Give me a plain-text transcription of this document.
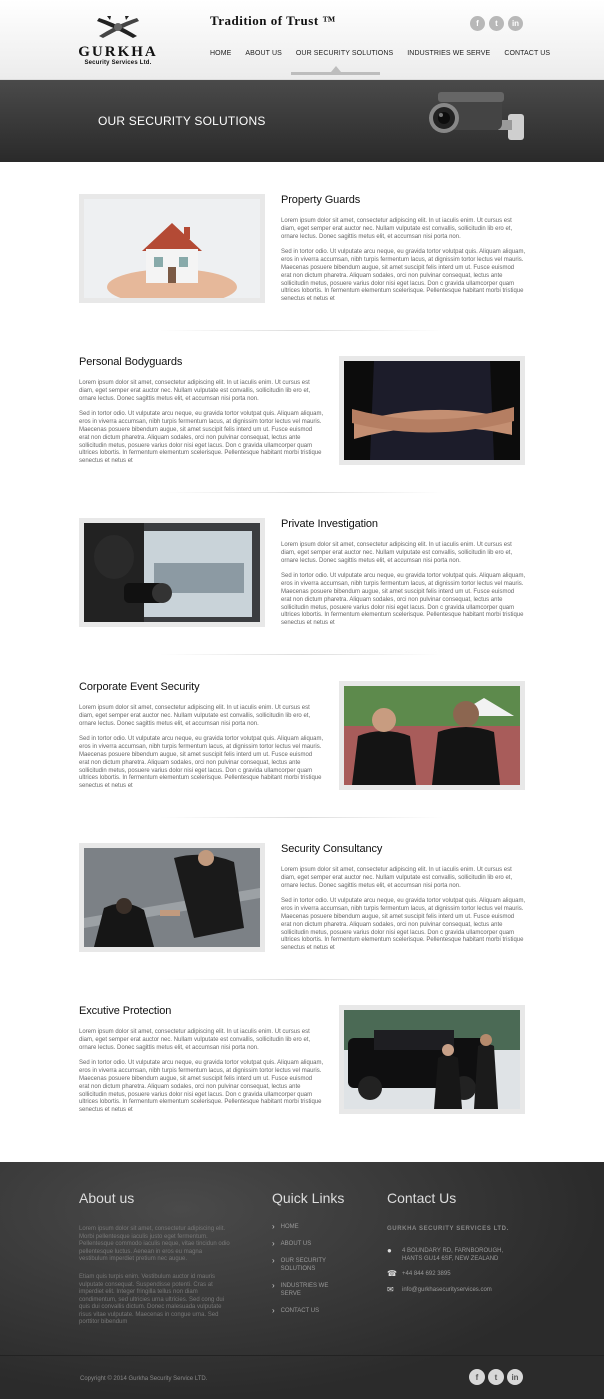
GURKHA
Security Services Ltd.
Tradition of Trust ™	f	t	in
HOME ABOUT US OUR SECURITY SOLUTIONS INDUSTRIES WE SERVE CONTACT US
OUR SECURITY SOLUTIONS
Property Guards

Lorem ipsum dolor sit amet, consectetur adipiscing elit. In ut iaculis enim. Ut cursus est diam, eget semper erat auctor nec. Nullam vulputate est convallis, sollicitudin lib ero et, ornare lectus. Donec sagittis metus elit, et accumsan nisi porta non.

Sed in tortor odio. Ut vulputate arcu neque, eu gravida tortor volutpat quis. Aliquam aliquam, eros in viverra accumsan, nibh turpis fermentum lacus, at dignissim tortor lectus vel mauris. Maecenas posuere bibendum augue, sit amet suscipit felis interd um ut. Fusce euismod erat non dictum pharetra. Aliquam sodales, orci non pulvinar consequat, lectus ante sollicitudin metus, posuere varius dolor nisi eget lacus. Don c gravida ullamcorper quam ultrices lobortis. In fermentum elementum scelerisque. Pellentesque habitant morbi tristique senectus et netus et

Personal Bodyguards

Lorem ipsum dolor sit amet, consectetur adipiscing elit. In ut iaculis enim. Ut cursus est diam, eget semper erat auctor nec. Nullam vulputate est convallis, sollicitudin lib ero et, ornare lectus. Donec sagittis metus elit, et accumsan nisi porta non.

Sed in tortor odio. Ut vulputate arcu neque, eu gravida tortor volutpat quis. Aliquam aliquam, eros in viverra accumsan, nibh turpis fermentum lacus, at dignissim tortor lectus vel mauris. Maecenas posuere bibendum augue, sit amet suscipit felis interd um ut. Fusce euismod erat non dictum pharetra. Aliquam sodales, orci non pulvinar consequat, lectus ante sollicitudin metus, posuere varius dolor nisi eget lacus. Don c gravida ullamcorper quam ultrices lobortis. In fermentum elementum scelerisque. Pellentesque habitant morbi tristique senectus et netus et

Private Investigation

Lorem ipsum dolor sit amet, consectetur adipiscing elit. In ut iaculis enim. Ut cursus est diam, eget semper erat auctor nec. Nullam vulputate est convallis, sollicitudin lib ero et, ornare lectus. Donec sagittis metus elit, et accumsan nisi porta non.

Sed in tortor odio. Ut vulputate arcu neque, eu gravida tortor volutpat quis. Aliquam aliquam, eros in viverra accumsan, nibh turpis fermentum lacus, at dignissim tortor lectus vel mauris. Maecenas posuere bibendum augue, sit amet suscipit felis interd um ut. Fusce euismod erat non dictum pharetra. Aliquam sodales, orci non pulvinar consequat, lectus ante sollicitudin metus, posuere varius dolor nisi eget lacus. Don c gravida ullamcorper quam ultrices lobortis. In fermentum elementum scelerisque. Pellentesque habitant morbi tristique senectus et netus et

Corporate Event Security

Lorem ipsum dolor sit amet, consectetur adipiscing elit. In ut iaculis enim. Ut cursus est diam, eget semper erat auctor nec. Nullam vulputate est convallis, sollicitudin lib ero et, ornare lectus. Donec sagittis metus elit, et accumsan nisi porta non.

Sed in tortor odio. Ut vulputate arcu neque, eu gravida tortor volutpat quis. Aliquam aliquam, eros in viverra accumsan, nibh turpis fermentum lacus, at dignissim tortor lectus vel mauris. Maecenas posuere bibendum augue, sit amet suscipit felis interd um ut. Fusce euismod erat non dictum pharetra. Aliquam sodales, orci non pulvinar consequat, lectus ante sollicitudin metus, posuere varius dolor nisi eget lacus. Don c gravida ullamcorper quam ultrices lobortis. In fermentum elementum scelerisque. Pellentesque habitant morbi tristique senectus et netus et

Security Consultancy

Lorem ipsum dolor sit amet, consectetur adipiscing elit. In ut iaculis enim. Ut cursus est diam, eget semper erat auctor nec. Nullam vulputate est convallis, sollicitudin lib ero et, ornare lectus. Donec sagittis metus elit, et accumsan nisi porta non.

Sed in tortor odio. Ut vulputate arcu neque, eu gravida tortor volutpat quis. Aliquam aliquam, eros in viverra accumsan, nibh turpis fermentum lacus, at dignissim tortor lectus vel mauris. Maecenas posuere bibendum augue, sit amet suscipit felis interd um ut. Fusce euismod erat non dictum pharetra. Aliquam sodales, orci non pulvinar consequat, lectus ante sollicitudin metus, posuere varius dolor nisi eget lacus. Don c gravida ullamcorper quam ultrices lobortis. In fermentum elementum scelerisque. Pellentesque habitant morbi tristique senectus et netus et

Excutive Protection

Lorem ipsum dolor sit amet, consectetur adipiscing elit. In ut iaculis enim. Ut cursus est diam, eget semper erat auctor nec. Nullam vulputate est convallis, sollicitudin lib ero et, ornare lectus. Donec sagittis metus elit, et accumsan nisi porta non.

Sed in tortor odio. Ut vulputate arcu neque, eu gravida tortor volutpat quis. Aliquam aliquam, eros in viverra accumsan, nibh turpis fermentum lacus, at dignissim tortor lectus vel mauris. Maecenas posuere bibendum augue, sit amet suscipit felis interd um ut. Fusce euismod erat non dictum pharetra. Aliquam sodales, orci non pulvinar consequat, lectus ante sollicitudin metus, posuere varius dolor nisi eget lacus. Don c gravida ullamcorper quam ultrices lobortis. In fermentum elementum scelerisque. Pellentesque habitant morbi tristique senectus et netus et

About us
Lorem ipsum dolor sit amet, consectetur adipiscing elit. Morbi pellentesque iaculis justo eget fermentum. Pellentesque commodo iaculis neque, vitae tincidun odio pellentesque luctus. Aenean in eros eu magna vestibulum imperdiet pretium nec augue.
Etiam quis turpis enim. Vestibulum auctor id mauris vulputate consequat. Suspendisse potenti. Cras at imperdiet elit. Integer fringilla tellus non diam condimentum, sed ultricies urna ultricies. Sed cong dui quis dui convallis dictum. Donec malesuada vulputate risus vitae vulputate. Maecenas in congue urna. Sed porttitor bibendum
Quick Links
› HOME
› ABOUT US
› OUR SECURITY SOLUTIONS
› INDUSTRIES WE SERVE
› CONTACT US
Contact Us
GURKHA SECURITY SERVICES LTD.
●	4 BOUNDARY RD, FARNBOROUGH, HANTS GU14 6SF, NEW ZEALAND
☎ +44 844 692 3895
✉ info@gurkhasecurityservices.com
Copyright © 2014 Gurkha Security Service LTD.	f	t	in
